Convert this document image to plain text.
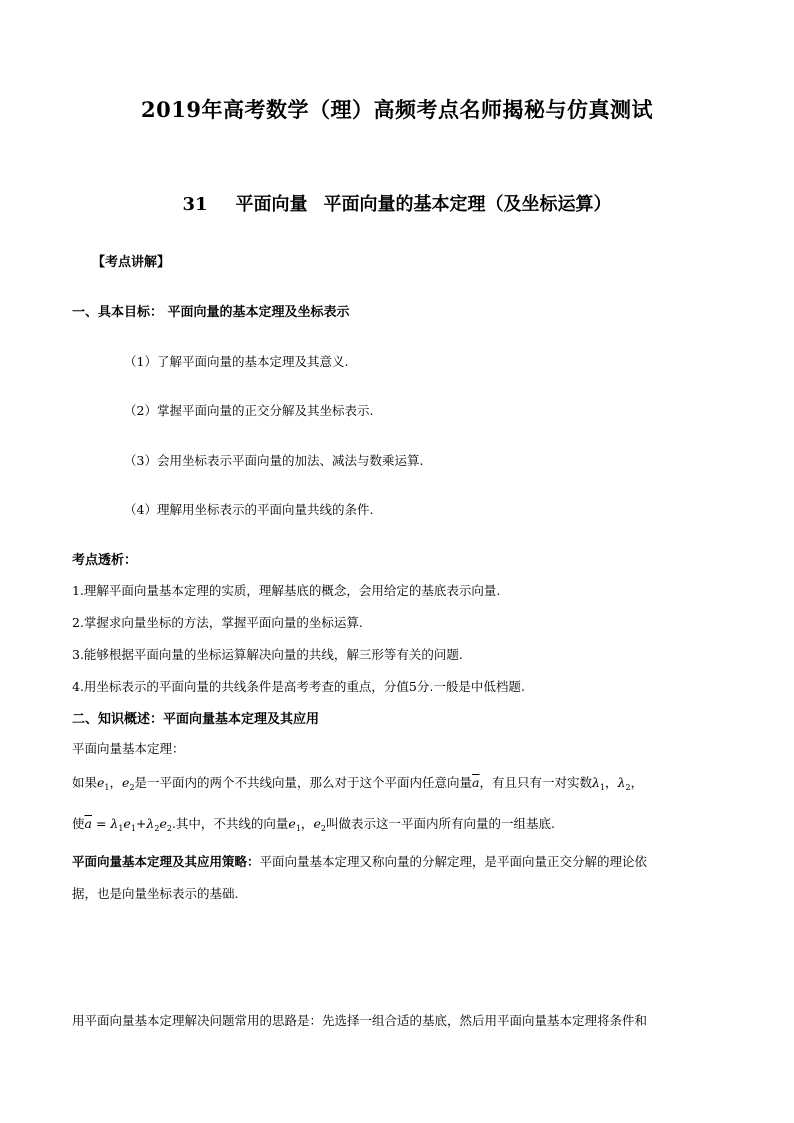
2019年高考数学（理）高频考点名师揭秘与仿真测试
31 平面向量 平面向量的基本定理（及坐标运算）
【考点讲解】
一、具本目标： 平面向量的基本定理及坐标表示
（1）了解平面向量的基本定理及其意义.
（2）掌握平面向量的正交分解及其坐标表示.
（3）会用坐标表示平面向量的加法、减法与数乘运算.
（4）理解用坐标表示的平面向量共线的条件.
考点透析：
1.理解平面向量基本定理的实质，理解基底的概念，会用给定的基底表示向量.
2.掌握求向量坐标的方法，掌握平面向量的坐标运算.
3.能够根据平面向量的坐标运算解决向量的共线，解三形等有关的问题.
4.用坐标表示的平面向量的共线条件是高考考查的重点，分值5分.一般是中低档题.
二、知识概述：平面向量基本定理及其应用
平面向量基本定理：
如果$e_1$，$e_2$是一平面内的两个不共线向量，那么对于这个平面内任意向量$\overline{a}$，有且只有一对实数$\lambda_1$，$\lambda_2$，
使$\overline{a} = \lambda_1e_1+\lambda_2e_2$.其中，不共线的向量$e_1$，$e_2$叫做表示这一平面内所有向量的一组基底.
平面向量基本定理及其应用策略：平面向量基本定理又称向量的分解定理，是平面向量正交分解的理论依
据，也是向量坐标表示的基础.
用平面向量基本定理解决问题常用的思路是：先选择一组合适的基底，然后用平面向量基本定理将条件和
